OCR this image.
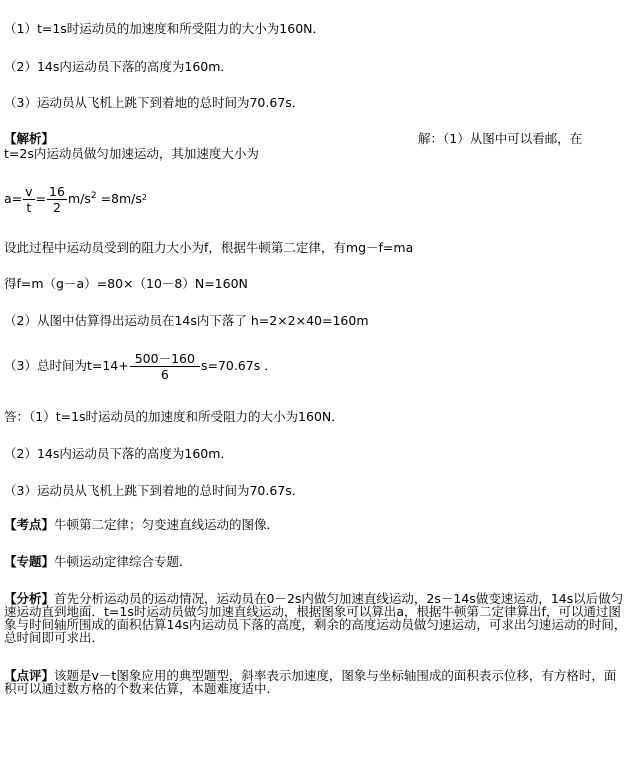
（1）t=1s时运动员的加速度和所受阻力的大小为160N．
（2）14s内运动员下落的高度为160m．
（3）运动员从飞机上跳下到着地的总时间为70.67s．
【解析】	解：（1）从图中可以看邮，在
t=2s内运动员做匀加速运动，其加速度大小为
$a= \frac{v}{t} = \frac{16}{2} m/s^2 =8m/s^2$
设此过程中运动员受到的阻力大小为f，根据牛顿第二定律，有mg－f=ma
得f=m（g－a）=80×（10－8）N=160N
（2）从图中估算得出运动员在14s内下落了 h=2×2×40=160m
（3）总时间为$t=14+ \frac{500-160}{6} s=70.67s$ ．
答：（1）t=1s时运动员的加速度和所受阻力的大小为160N．
（2）14s内运动员下落的高度为160m．
（3）运动员从飞机上跳下到着地的总时间为70.67s．
【考点】牛顿第二定律；匀变速直线运动的图像．
【专题】牛顿运动定律综合专题．
【分析】首先分析运动员的运动情况，运动员在0－2s内做匀加速直线运动，2s－14s做变速运动，14s以后做匀速运动直到地面．t=1s时运动员做匀加速直线运动，根据图象可以算出a，根据牛顿第二定律算出f，可以通过图象与时间轴所围成的面积估算14s内运动员下落的高度，剩余的高度运动员做匀速运动，可求出匀速运动的时间，总时间即可求出．
【点评】该题是v－t图象应用的典型题型，斜率表示加速度，图象与坐标轴围成的面积表示位移，有方格时，面积可以通过数方格的个数来估算，本题难度适中．
